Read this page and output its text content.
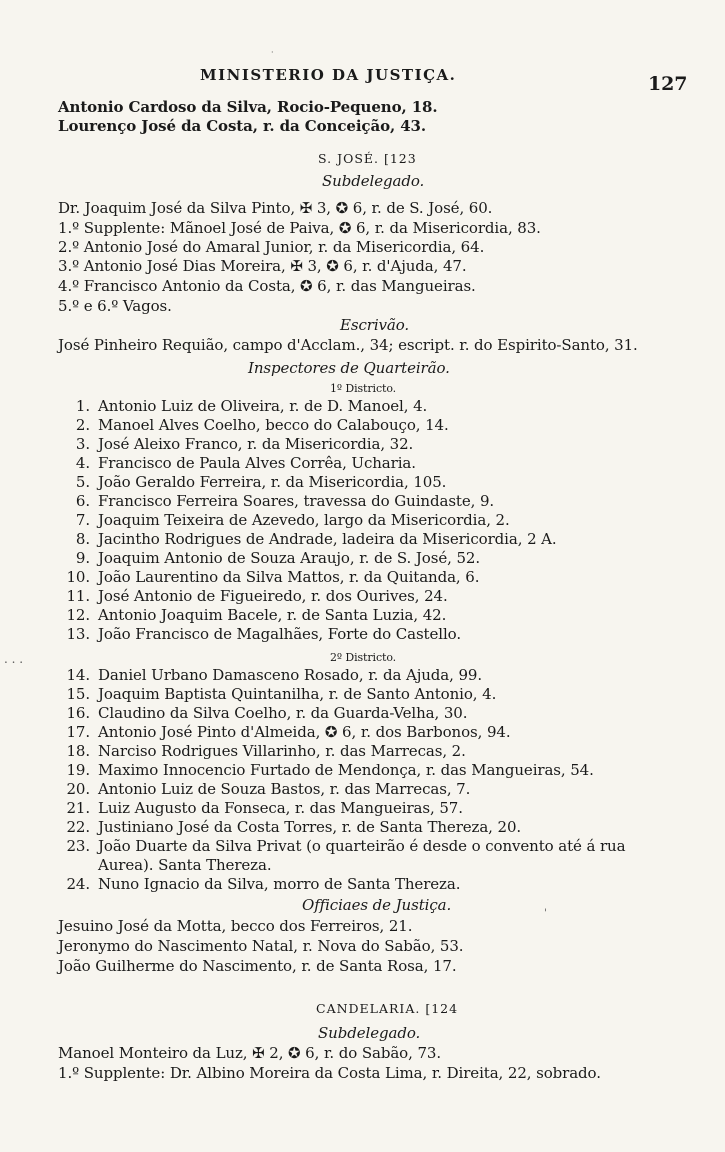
MINISTERIO DA JUSTIÇA.	127
Antonio Cardoso da Silva, Rocio-Pequeno, 18.
Lourenço José da Costa, r. da Conceição, 43.
S. JOSÉ. [123
Subdelegado.
Dr. Joaquim José da Silva Pinto, ✠ 3, ✪ 6, r. de S. José, 60.
1.º Supplente: Mãnoel José de Paiva, ✪ 6, r. da Misericordia, 83.
2.º Antonio José do Amaral Junior, r. da Misericordia, 64.
3.º Antonio José Dias Moreira, ✠ 3, ✪ 6, r. d'Ajuda, 47.
4.º Francisco Antonio da Costa, ✪ 6, r. das Mangueiras.
5.º e 6.º Vagos.
Escrivão.
José Pinheiro Requião, campo d'Acclam., 34; escript. r. do Espirito-Santo, 31.
Inspectores de Quarteirão.
1º Districto.
1. Antonio Luiz de Oliveira, r. de D. Manoel, 4.
2. Manoel Alves Coelho, becco do Calabouço, 14.
3. José Aleixo Franco, r. da Misericordia, 32.
4. Francisco de Paula Alves Corrêa, Ucharia.
5. João Geraldo Ferreira, r. da Misericordia, 105.
6. Francisco Ferreira Soares, travessa do Guindaste, 9.
7. Joaquim Teixeira de Azevedo, largo da Misericordia, 2.
8. Jacintho Rodrigues de Andrade, ladeira da Misericordia, 2 A.
9. Joaquim Antonio de Souza Araujo, r. de S. José, 52.
10. João Laurentino da Silva Mattos, r. da Quitanda, 6.
11. José Antonio de Figueiredo, r. dos Ourives, 24.
12. Antonio Joaquim Bacele, r. de Santa Luzia, 42.
13. João Francisco de Magalhães, Forte do Castello.
2º Districto.
14. Daniel Urbano Damasceno Rosado, r. da Ajuda, 99.
15. Joaquim Baptista Quintanilha, r. de Santo Antonio, 4.
16. Claudino da Silva Coelho, r. da Guarda-Velha, 30.
17. Antonio José Pinto d'Almeida, ✪ 6, r. dos Barbonos, 94.
18. Narciso Rodrigues Villarinho, r. das Marrecas, 2.
19. Maximo Innocencio Furtado de Mendonça, r. das Mangueiras, 54.
20. Antonio Luiz de Souza Bastos, r. das Marrecas, 7.
21. Luiz Augusto da Fonseca, r. das Mangueiras, 57.
22. Justiniano José da Costa Torres, r. de Santa Thereza, 20.
23. João Duarte da Silva Privat (o quarteirão é desde o convento até á rua
Aurea). Santa Thereza.
24. Nuno Ignacio da Silva, morro de Santa Thereza.
Officiaes de Justiça.
Jesuino José da Motta, becco dos Ferreiros, 21.
Jeronymo do Nascimento Natal, r. Nova do Sabão, 53.
João Guilherme do Nascimento, r. de Santa Rosa, 17.
CANDELARIA. [124
Subdelegado.
Manoel Monteiro da Luz, ✠ 2, ✪ 6, r. do Sabão, 73.
1.º Supplente: Dr. Albino Moreira da Costa Lima, r. Direita, 22, sobrado.
. . .
·
'
